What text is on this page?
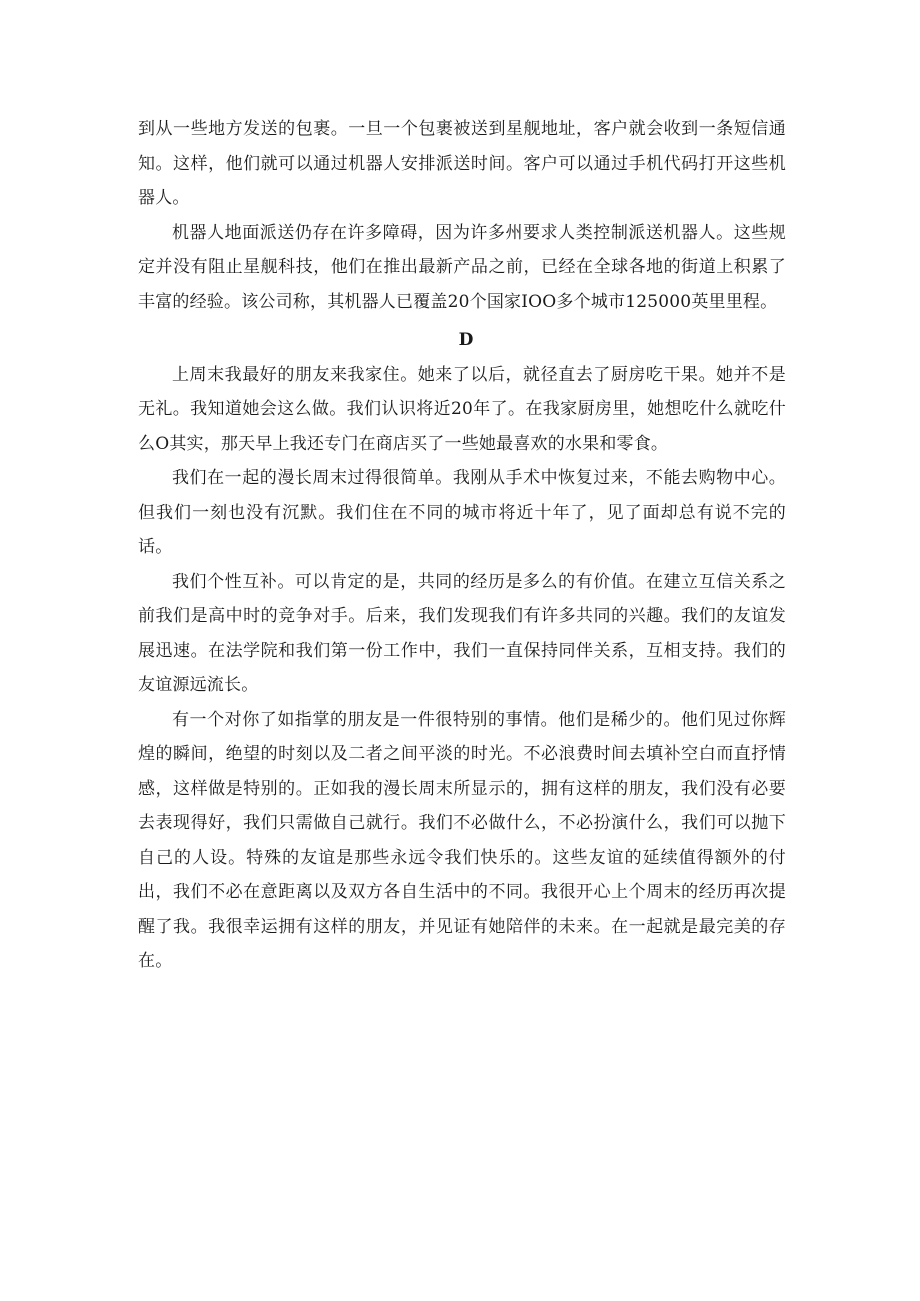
到从一些地方发送的包裹。一旦一个包裹被送到星舰地址，客户就会收到一条短信通知。这样，他们就可以通过机器人安排派送时间。客户可以通过手机代码打开这些机器人。

机器人地面派送仍存在许多障碍，因为许多州要求人类控制派送机器人。这些规定并没有阻止星舰科技，他们在推出最新产品之前，已经在全球各地的街道上积累了丰富的经验。该公司称，其机器人已覆盖20个国家IOO多个城市125000英里里程。

D

上周末我最好的朋友来我家住。她来了以后，就径直去了厨房吃干果。她并不是无礼。我知道她会这么做。我们认识将近20年了。在我家厨房里，她想吃什么就吃什么O其实，那天早上我还专门在商店买了一些她最喜欢的水果和零食。

我们在一起的漫长周末过得很简单。我刚从手术中恢复过来，不能去购物中心。但我们一刻也没有沉默。我们住在不同的城市将近十年了，见了面却总有说不完的话。

我们个性互补。可以肯定的是，共同的经历是多么的有价值。在建立互信关系之前我们是高中时的竞争对手。后来，我们发现我们有许多共同的兴趣。我们的友谊发展迅速。在法学院和我们第一份工作中，我们一直保持同伴关系，互相支持。我们的友谊源远流长。

有一个对你了如指掌的朋友是一件很特别的事情。他们是稀少的。他们见过你辉煌的瞬间，绝望的时刻以及二者之间平淡的时光。不必浪费时间去填补空白而直抒情感，这样做是特别的。正如我的漫长周末所显示的，拥有这样的朋友，我们没有必要去表现得好，我们只需做自己就行。我们不必做什么，不必扮演什么，我们可以抛下自己的人设。特殊的友谊是那些永远令我们快乐的。这些友谊的延续值得额外的付出，我们不必在意距离以及双方各自生活中的不同。我很开心上个周末的经历再次提醒了我。我很幸运拥有这样的朋友，并见证有她陪伴的未来。在一起就是最完美的存在。
